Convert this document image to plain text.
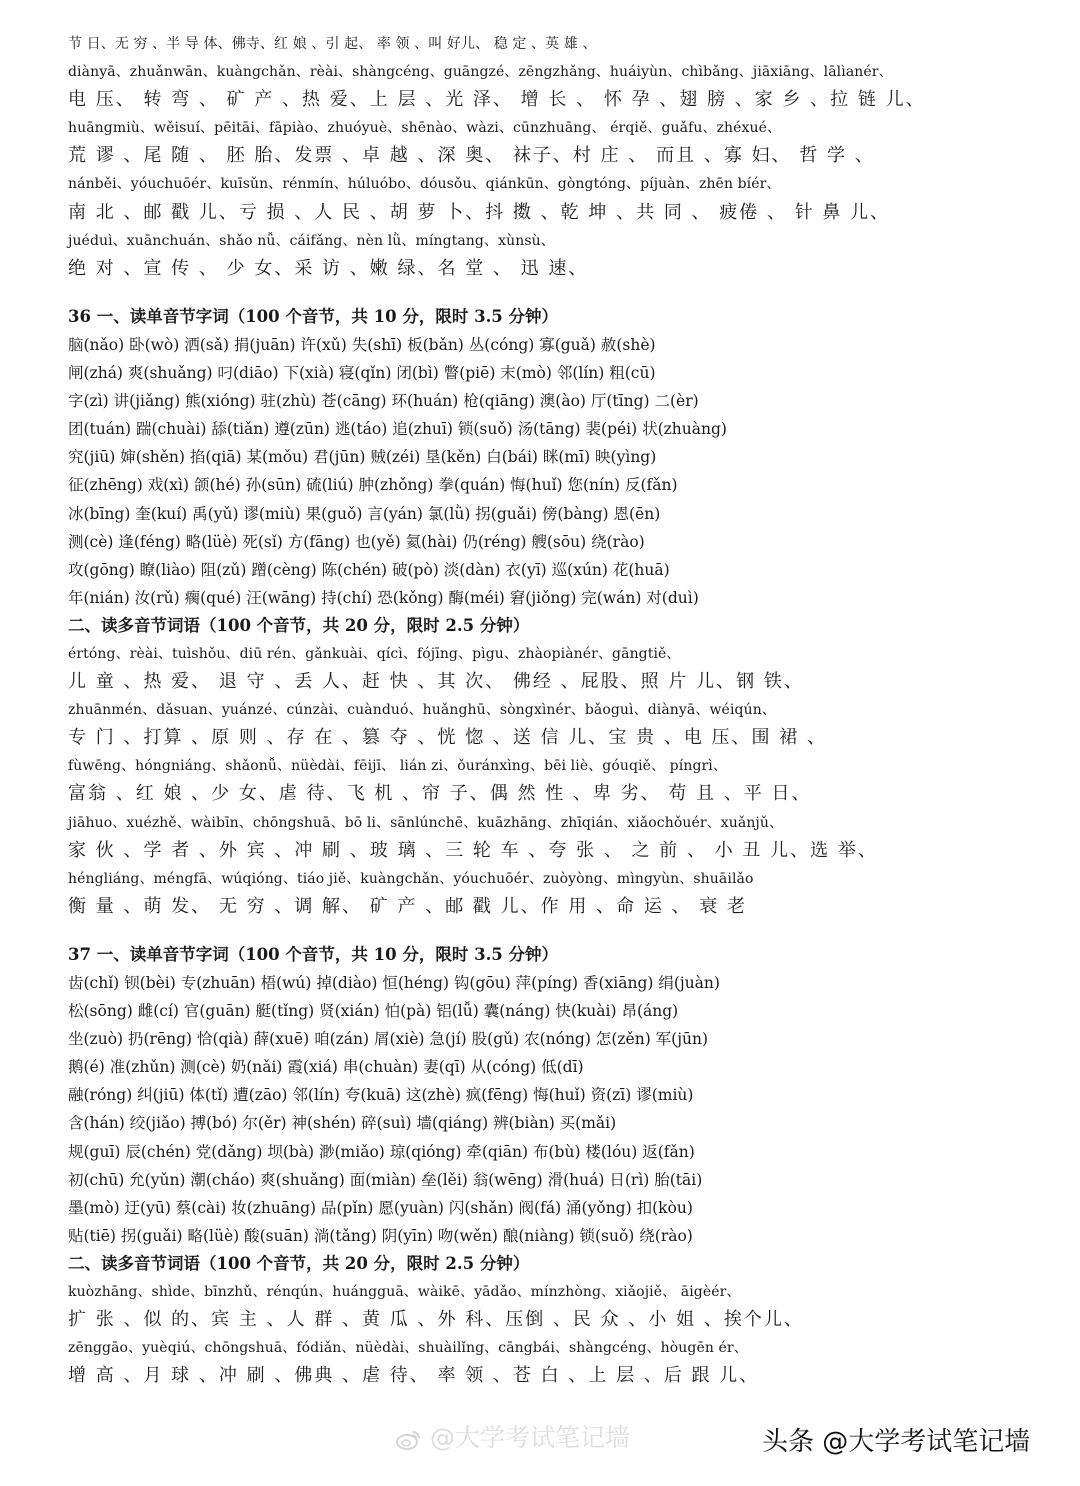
节 日、无 穷 、半 导 体、佛寺、红 娘 、引 起、 率 领 、叫 好儿、 稳 定 、英 雄 、
diànyā、zhuǎnwān、kuàngchǎn、rèài、shàngcéng、guāngzé、zēngzhǎng、huáiyùn、chìbǎng、jiāxiāng、lālìanér、
电 压、 转 弯 、 矿 产 、热 爱、上 层 、光 泽、 增 长 、 怀 孕 、翅 膀 、家 乡 、拉 链 儿、
huāngmiù、wěisuí、pēitāi、fāpiào、zhuóyuè、shēnào、wàzi、cūnzhuāng、 érqiě、guǎfu、zhéxué、
荒 谬 、尾 随 、 胚 胎、发票 、卓 越 、深 奥、 袜子、村 庄 、 而且 、寡 妇、 哲 学 、
nánběi、yóuchuōér、kuīsǔn、rénmín、húluóbo、dóusǒu、qiánkūn、gòngtóng、píjuàn、zhēn bíér、
南 北 、邮 戳 儿、亏 损 、人 民 、胡 萝 卜、抖 擞 、乾 坤 、共 同 、 疲倦 、 针 鼻 儿、
juéduì、xuānchuán、shǎo nǚ、cáifǎng、nèn lǜ、míngtang、xùnsù、
绝 对 、宣 传 、 少 女、采 访 、嫩 绿、名 堂 、 迅 速、
36 一、读单音节字词（100 个音节，共 10 分，限时 3.5 分钟）
脑(nǎo) 卧(wò) 洒(sǎ) 捐(juān) 许(xǔ) 失(shī) 板(bǎn) 丛(cóng) 寡(guǎ) 赦(shè)
闸(zhá) 爽(shuǎng) 叼(diāo) 下(xià) 寝(qǐn) 闭(bì) 瞥(piē) 末(mò) 邻(lín) 粗(cū)
字(zì) 讲(jiǎng) 熊(xióng) 驻(zhù) 苍(cāng) 环(huán) 枪(qiāng) 澳(ào) 厅(tīng) 二(èr)
团(tuán) 踹(chuài) 舔(tiǎn) 遵(zūn) 逃(táo) 追(zhuī) 锁(suǒ) 汤(tāng) 裴(péi) 状(zhuàng)
究(jiū) 婶(shěn) 掐(qiā) 某(mǒu) 君(jūn) 贼(zéi) 垦(kěn) 白(bái) 眯(mī) 映(yìng)
征(zhēng) 戏(xì) 颌(hé) 孙(sūn) 硫(liú) 肿(zhǒng) 拳(quán) 悔(huǐ) 您(nín) 反(fǎn)
冰(bīng) 奎(kuí) 禹(yǔ) 谬(miù) 果(guǒ) 言(yán) 氯(lǜ) 拐(guǎi) 傍(bàng) 恩(ēn)
测(cè) 逢(féng) 略(lüè) 死(sǐ) 方(fāng) 也(yě) 氦(hài) 仍(réng) 艘(sōu) 绕(rào)
攻(gōng) 瞭(liào) 阻(zǔ) 蹭(cèng) 陈(chén) 破(pò) 淡(dàn) 衣(yī) 巡(xún) 花(huā)
年(nián) 汝(rǔ) 瘸(qué) 汪(wāng) 持(chí) 恐(kǒng) 酶(méi) 窘(jiǒng) 完(wán) 对(duì)
二、读多音节词语（100 个音节，共 20 分，限时 2.5 分钟）
értóng、rèài、tuìshǒu、diū rén、gǎnkuài、qícì、fójīng、pìgu、zhàopiànér、gāngtiě、
儿 童 、热 爱、 退 守 、丢 人、赶 快 、其 次、 佛经 、屁股、照 片 儿、钢 铁、
zhuānmén、dǎsuan、yuánzé、cúnzài、cuànduó、huǎnghū、sòngxìnér、bǎoguì、diànyā、wéiqún、
专 门 、打算 、原 则 、存 在 、篡 夺 、恍 惚 、送 信 儿、宝 贵 、电 压、围 裙 、
fùwēng、hóngniáng、shǎonǚ、nüèdài、fēijī、 lián zi、ǒuránxìng、bēi liè、góuqiě、 píngrì、
富翁 、红 娘 、少 女、虐 待、飞 机 、帘 子、偶 然 性 、卑 劣、 苟 且 、平 日、
jiāhuo、xuézhě、wàibīn、chōngshuā、bō li、sānlúnchē、kuāzhāng、zhīqián、xiǎochǒuér、xuǎnjǔ、
家 伙 、学 者 、外 宾 、冲 刷 、玻 璃 、三 轮 车 、夸 张 、 之 前 、 小 丑 儿、选 举、
héngliáng、méngfā、wúqióng、tiáo jiě、kuàngchǎn、yóuchuōér、zuòyòng、mìngyùn、shuāilǎo
衡 量 、萌 发、 无 穷 、调 解、 矿 产 、邮 戳 儿、作 用 、命 运 、 衰 老
37 一、读单音节字词（100 个音节，共 10 分，限时 3.5 分钟）
齿(chǐ) 钡(bèi) 专(zhuān) 梧(wú) 掉(diào) 恒(héng) 钩(gōu) 萍(píng) 香(xiāng) 绢(juàn)
松(sōng) 雌(cí) 官(guān) 艇(tǐng) 贤(xián) 怕(pà) 铝(lǚ) 囊(náng) 快(kuài) 昂(áng)
坐(zuò) 扔(rēng) 恰(qià) 薛(xuē) 咱(zán) 屑(xiè) 急(jí) 股(gǔ) 农(nóng) 怎(zěn) 军(jūn)
鹅(é) 准(zhǔn) 测(cè) 奶(nǎi) 霞(xiá) 串(chuàn) 妻(qī) 从(cóng) 低(dī)
融(róng) 纠(jiū) 体(tǐ) 遭(zāo) 邻(lín) 夸(kuā) 这(zhè) 疯(fēng) 悔(huǐ) 资(zī) 谬(miù)
含(hán) 绞(jiǎo) 搏(bó) 尔(ěr) 神(shén) 碎(suì) 墙(qiáng) 辨(biàn) 买(mǎi)
规(guī) 辰(chén) 党(dǎng) 坝(bà) 渺(miǎo) 琼(qióng) 牵(qiān) 布(bù) 楼(lóu) 返(fǎn)
初(chū) 允(yǔn) 潮(cháo) 爽(shuǎng) 面(miàn) 垒(lěi) 翁(wēng) 滑(huá) 日(rì) 胎(tāi)
墨(mò) 迂(yū) 蔡(cài) 妆(zhuāng) 品(pǐn) 愿(yuàn) 闪(shǎn) 阀(fá) 涌(yǒng) 扣(kòu)
贴(tiē) 拐(guǎi) 略(lüè) 酸(suān) 淌(tǎng) 阴(yīn) 吻(wěn) 酿(niàng) 锁(suǒ) 绕(rào)
二、读多音节词语（100 个音节，共 20 分，限时 2.5 分钟）
kuòzhāng、shìde、bīnzhǔ、rénqún、huángguā、wàikē、yādǎo、mínzhòng、xiǎojiě、 āigèér、
扩 张 、似 的、宾 主 、人 群 、黄 瓜 、外 科、压倒 、民 众 、小 姐 、挨个儿、
zēnggāo、yuèqiú、chōngshuā、fódiǎn、nüèdài、shuàilǐng、cāngbái、shàngcéng、hòugēn ér、
增 高 、月 球 、冲 刷 、佛典 、虐 待、 率 领 、苍 白 、上 层 、后 跟 儿、
@大学考试笔记墙	头条 @大学考试笔记墙
